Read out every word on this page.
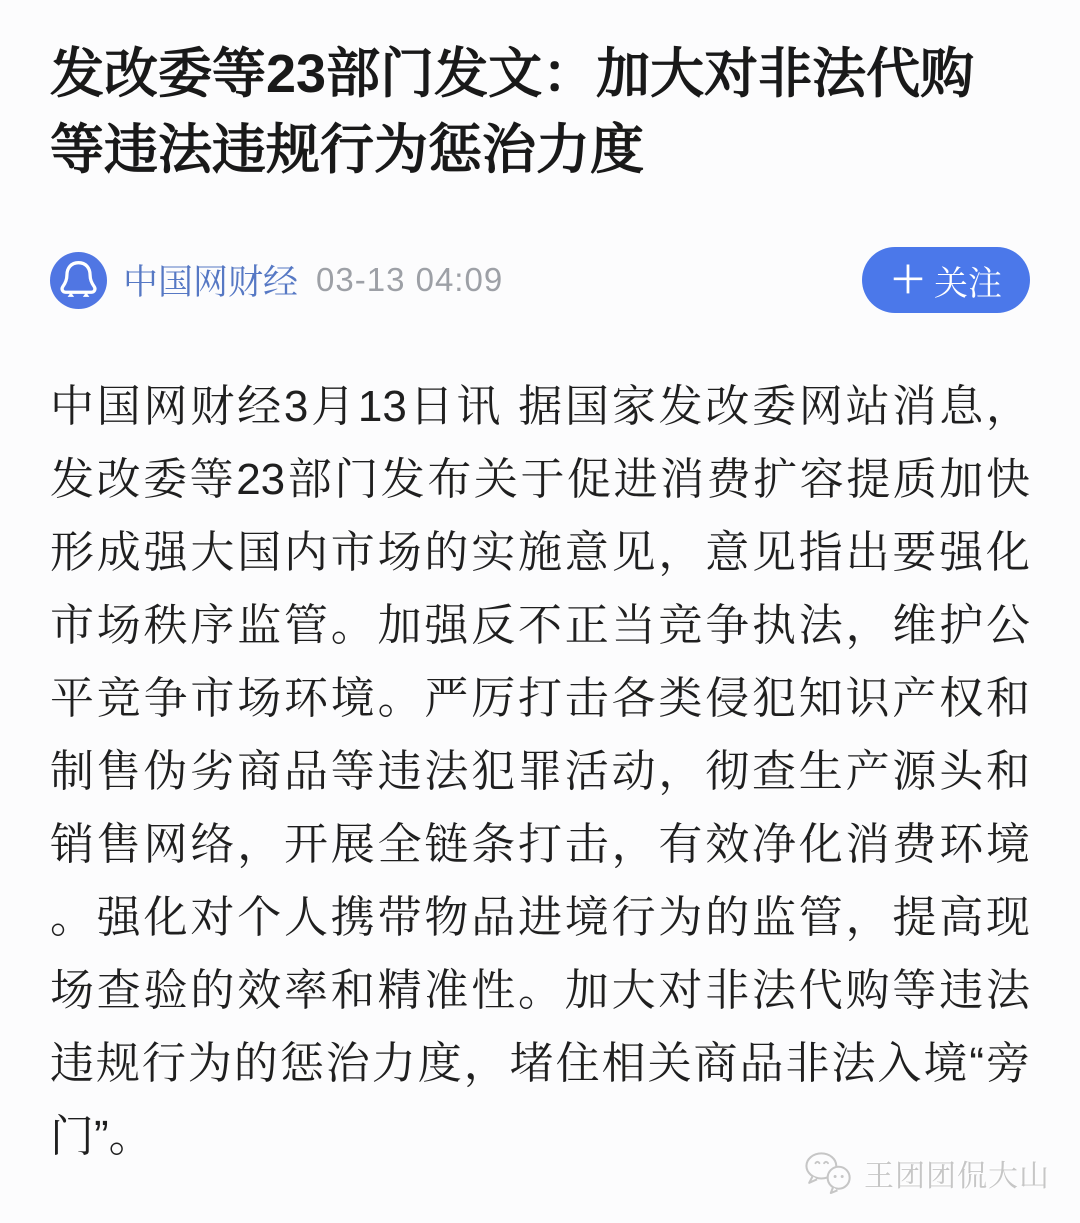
发改委等23部门发文：加大对非法代购
等违法违规行为惩治力度
中国网财经 03-13 04:09	＋ 关注
中国网财经3月13日讯 据国家发改委网站消息，
发改委等23部门发布关于促进消费扩容提质加快
形成强大国内市场的实施意见，意见指出要强化
市场秩序监管。加强反不正当竞争执法，维护公
平竞争市场环境。严厉打击各类侵犯知识产权和
制售伪劣商品等违法犯罪活动，彻查生产源头和
销售网络，开展全链条打击，有效净化消费环境
。强化对个人携带物品进境行为的监管，提高现
场查验的效率和精准性。加大对非法代购等违法
违规行为的惩治力度，堵住相关商品非法入境“旁
门”。
王团团侃大山
